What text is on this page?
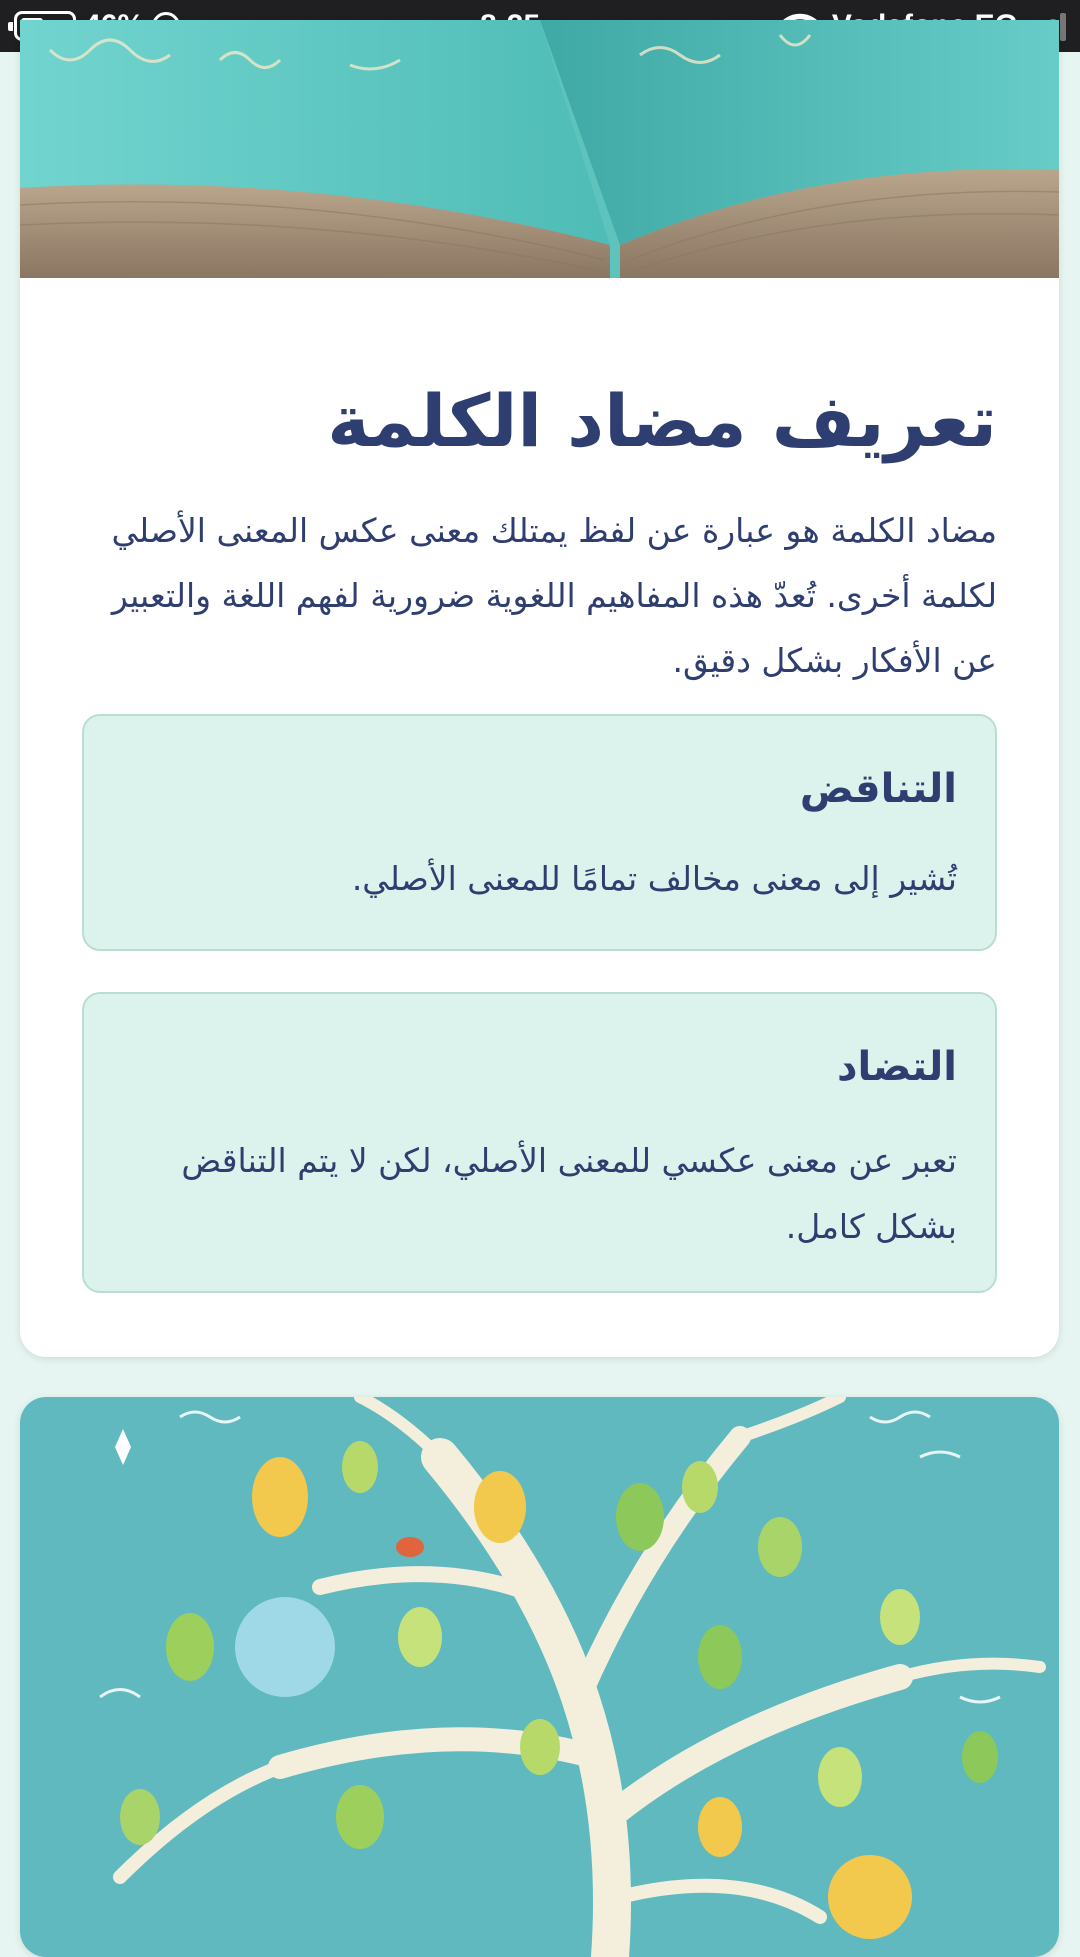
تعريف مضاد الكلمة

مضاد الكلمة هو عبارة عن لفظ يمتلك معنى عكس المعنى الأصلي لكلمة أخرى. تُعدّ هذه المفاهيم اللغوية ضرورية لفهم اللغة والتعبير عن الأفكار بشكل دقيق.

التناقض

تُشير إلى معنى مخالف تمامًا للمعنى الأصلي.

التضاد

تعبر عن معنى عكسي للمعنى الأصلي، لكن لا يتم التناقض بشكل كامل.
